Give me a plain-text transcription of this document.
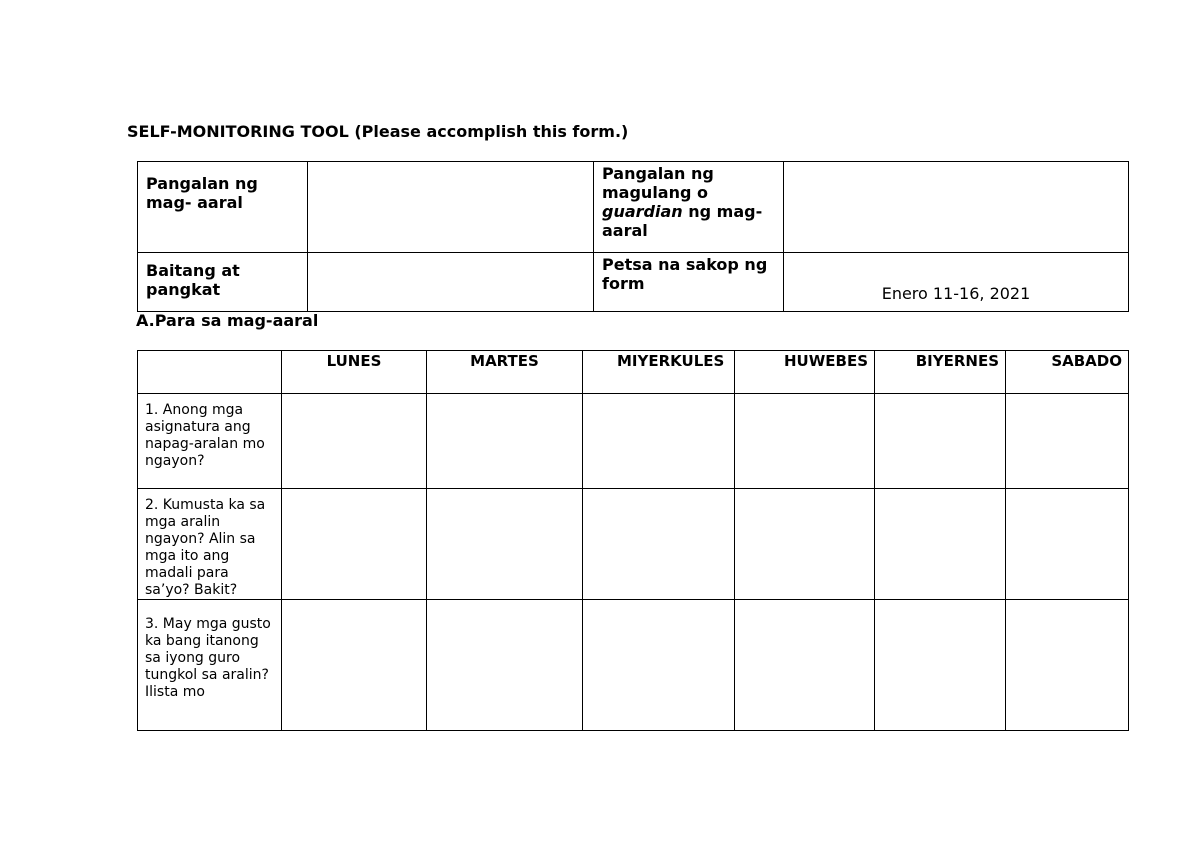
SELF-MONITORING TOOL (Please accomplish this form.)
Pangalan ng mag- aaral		Pangalan ng magulang o guardian ng mag-aaral	
Baitang at pangkat		Petsa na sakop ng form	Enero 11-16, 2021
A.Para sa mag-aaral
	LUNES	MARTES	MIYERKULES	HUWEBES	BIYERNES	SABADO
1. Anong mga asignatura ang napag-aralan mo ngayon?						
2. Kumusta ka sa mga aralin ngayon? Alin sa mga ito ang madali para sa’yo? Bakit?						
3. May mga gusto ka bang itanong sa iyong guro tungkol sa aralin? Ilista mo						
